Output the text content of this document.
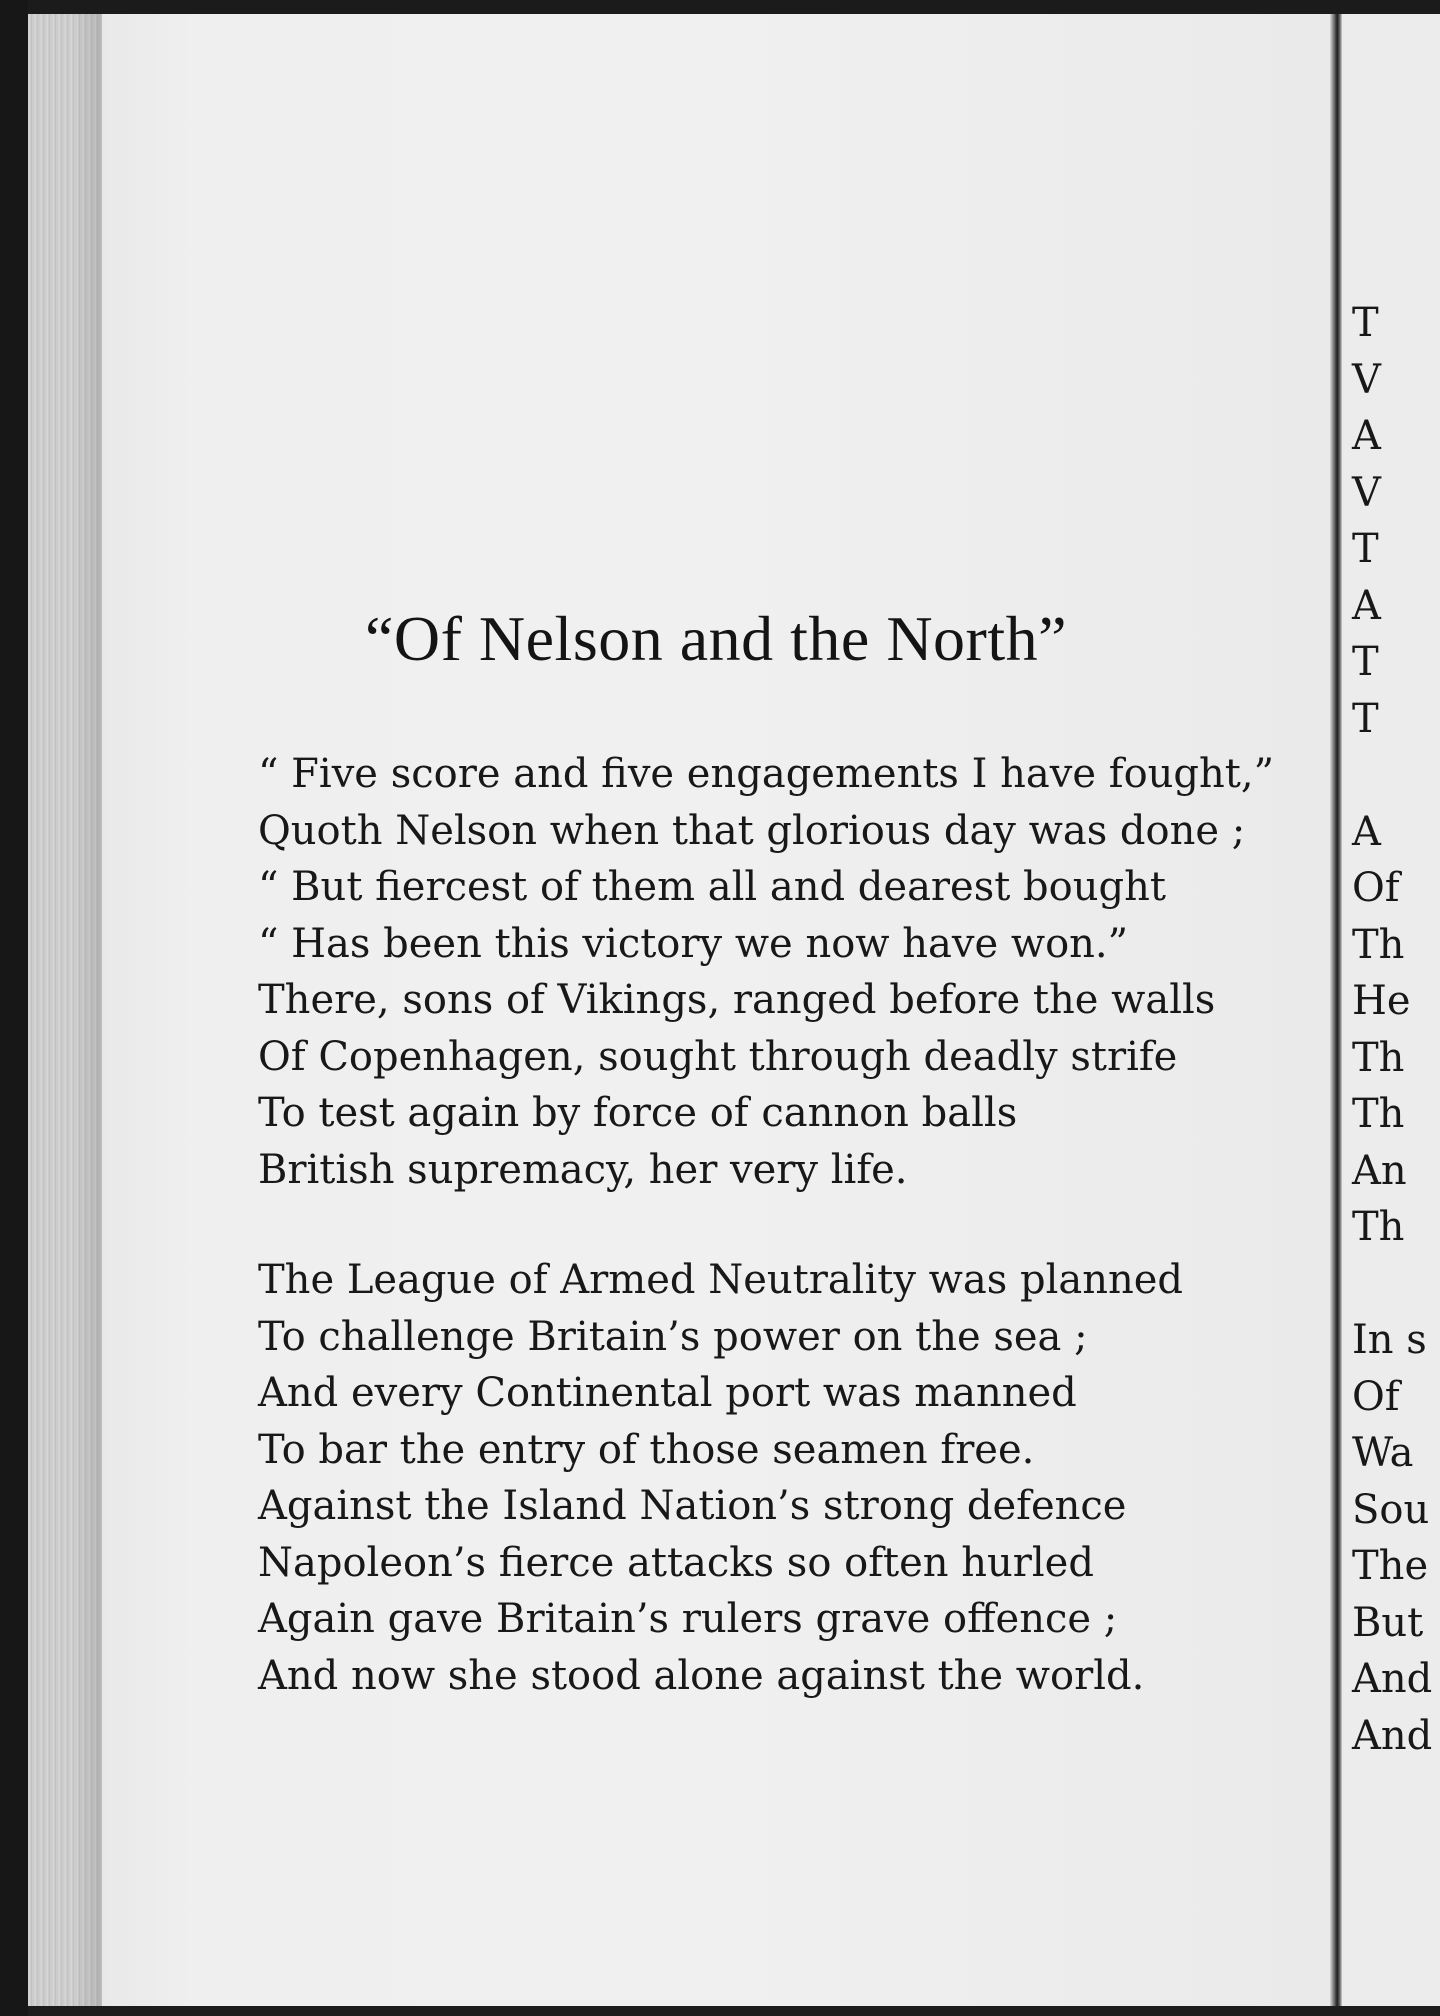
“Of Nelson and the North”
“ Five score and five engagements I have fought,”
Quoth Nelson when that glorious day was done ;
“ But fiercest of them all and dearest bought
“ Has been this victory we now have won.”
There, sons of Vikings, ranged before the walls
Of Copenhagen, sought through deadly strife
To test again by force of cannon balls
British supremacy, her very life.
The League of Armed Neutrality was planned
To challenge Britain’s power on the sea ;
And every Continental port was manned
To bar the entry of those seamen free.
Against the Island Nation’s strong defence
Napoleon’s fierce attacks so often hurled
Again gave Britain’s rulers grave offence ;
And now she stood alone against the world.
T
V
A
V
T
A
T
T
A
Of
Th
He
Th
Th
An
Th
In s
Of
Wa
Sou
The
But
And
And
